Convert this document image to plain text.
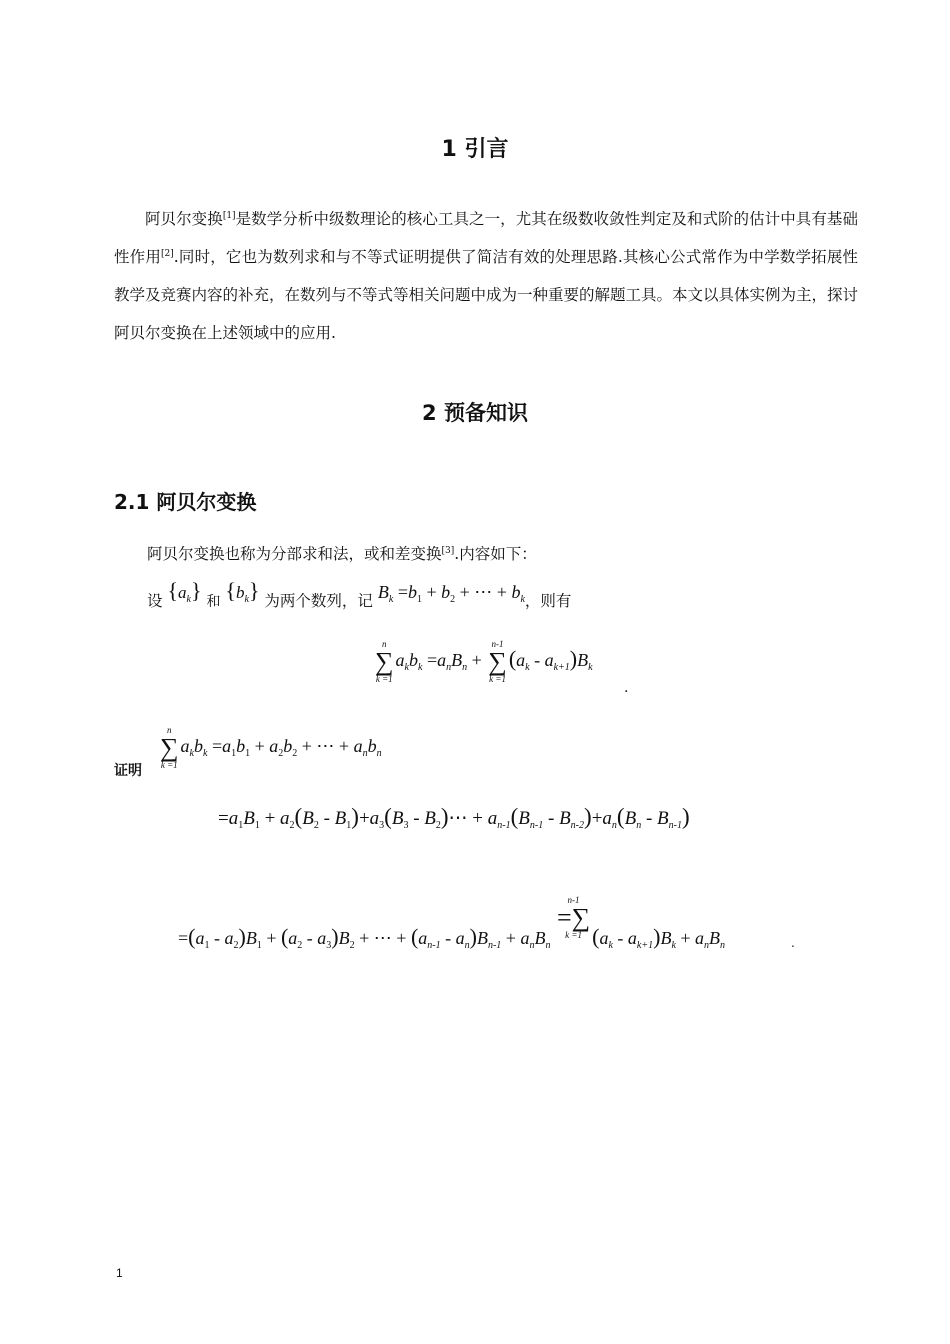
1 引言

阿贝尔变换[1]是数学分析中级数理论的核心工具之一，尤其在级数收敛性判定及和式阶的估计中具有基础性作用[2].同时，它也为数列求和与不等式证明提供了简洁有效的处理思路.其核心公式常作为中学数学拓展性教学及竞赛内容的补充，在数列与不等式等相关问题中成为一种重要的解题工具。本文以具体实例为主，探讨阿贝尔变换在上述领域中的应用.

2 预备知识
2.1 阿贝尔变换
阿贝尔变换也称为分部求和法，或和差变换[3].内容如下：
设 $\{a_k\}$ 和 $\{b_k\}$ 为两个数列，记 $B_k =b_1 + b_2$ + ⋯ + $b_k$，则有
n
∑
k =1
$a_kb_k =a_nB_n$ +
n-1
∑
k =1
$(a_k - a_{k+1})B_k$
.
证明
n
∑
k =1
$a_kb_k =a_1b_1 + a_2b_2$ + ⋯ + $a_nb_n$
$=a_1B_1 + a_2(B_2 - B_1)+a_3(B_3$ - $B_2)\cdots + a_{n-1}(B_{n-1} - B_{n-2})+a_n(B_n - B_{n-1})$
$=(a_1 - a_2)B_1 + (a_2 - a_3)B_2$ + ⋯ + $(a_{n-1} - a_n)B_{n-1} + a_nB_n$
n-1
=∑
k =1 $(a_k - a_{k+1})B_k + a_nB_n$	.
1
